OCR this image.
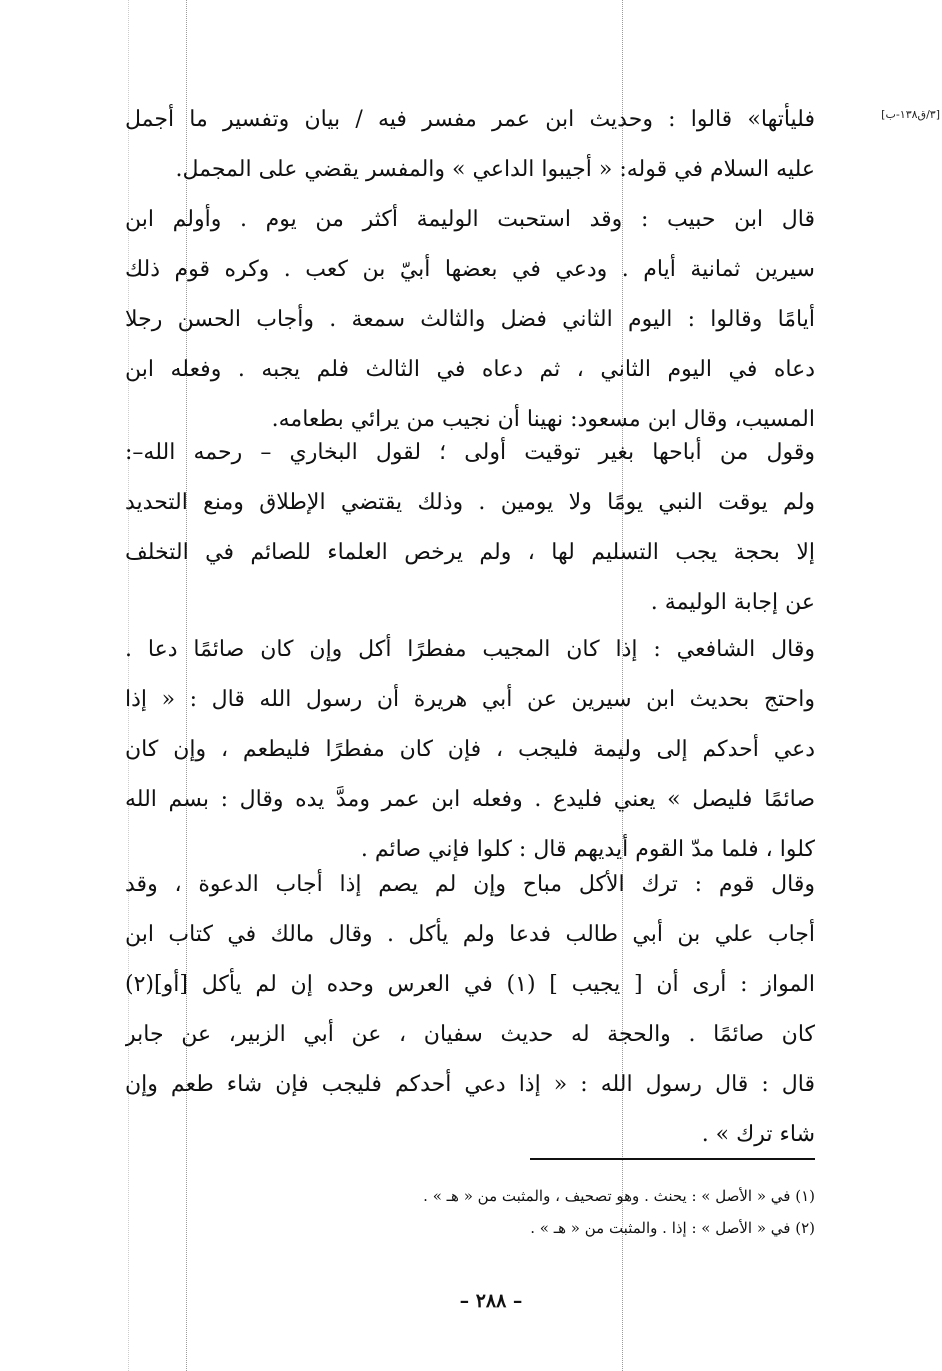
[٣/ق١٣٨-ب]
فليأتها» قالوا : وحديث ابن عمر مفسر فيه / بيان وتفسير ما أجمل
عليه السلام في قوله: « أجيبوا الداعي » والمفسر يقضي على المجمل.
قال ابن حبيب : وقد استحبت الوليمة أكثر من يوم . وأولم ابن
سيرين ثمانية أيام . ودعي في بعضها أبيّ بن كعب . وكره قوم ذلك
أيامًا وقالوا : اليوم الثاني فضل والثالث سمعة . وأجاب الحسن رجلا
دعاه في اليوم الثاني ، ثم دعاه في الثالث فلم يجبه . وفعله ابن
المسيب، وقال ابن مسعود: نهينا أن نجيب من يرائي بطعامه.
وقول من أباحها بغير توقيت أولى ؛ لقول البخاري – رحمه الله–:
ولم يوقت النبي يومًا ولا يومين . وذلك يقتضي الإطلاق ومنع التحديد
إلا بحجة يجب التسليم لها ، ولم يرخص العلماء للصائم في التخلف
عن إجابة الوليمة .
وقال الشافعي : إذا كان المجيب مفطرًا أكل وإن كان صائمًا دعا .
واحتج بحديث ابن سيرين عن أبي هريرة أن رسول الله قال : « إذا
دعي أحدكم إلى وليمة فليجب ، فإن كان مفطرًا فليطعم ، وإن كان
صائمًا فليصل » يعني فليدع . وفعله ابن عمر ومدَّ يده وقال : بسم الله
كلوا ، فلما مدّ القوم أيديهم قال : كلوا فإني صائم .
وقال قوم : ترك الأكل مباح وإن لم يصم إذا أجاب الدعوة ، وقد
أجاب علي بن أبي طالب فدعا ولم يأكل . وقال مالك في كتاب ابن
المواز : أرى أن [ يجيب ] (١) في العرس وحده إن لم يأكل [أو](٢)
كان صائمًا . والحجة له حديث سفيان ، عن أبي الزبير، عن جابر
قال : قال رسول الله : « إذا دعي أحدكم فليجب فإن شاء طعم وإن
شاء ترك » .
(١) في « الأصل » : يحنث . وهو تصحيف ، والمثبت من « هـ » .
(٢) في « الأصل » : إذا . والمثبت من « هـ » .
– ٢٨٨ –
